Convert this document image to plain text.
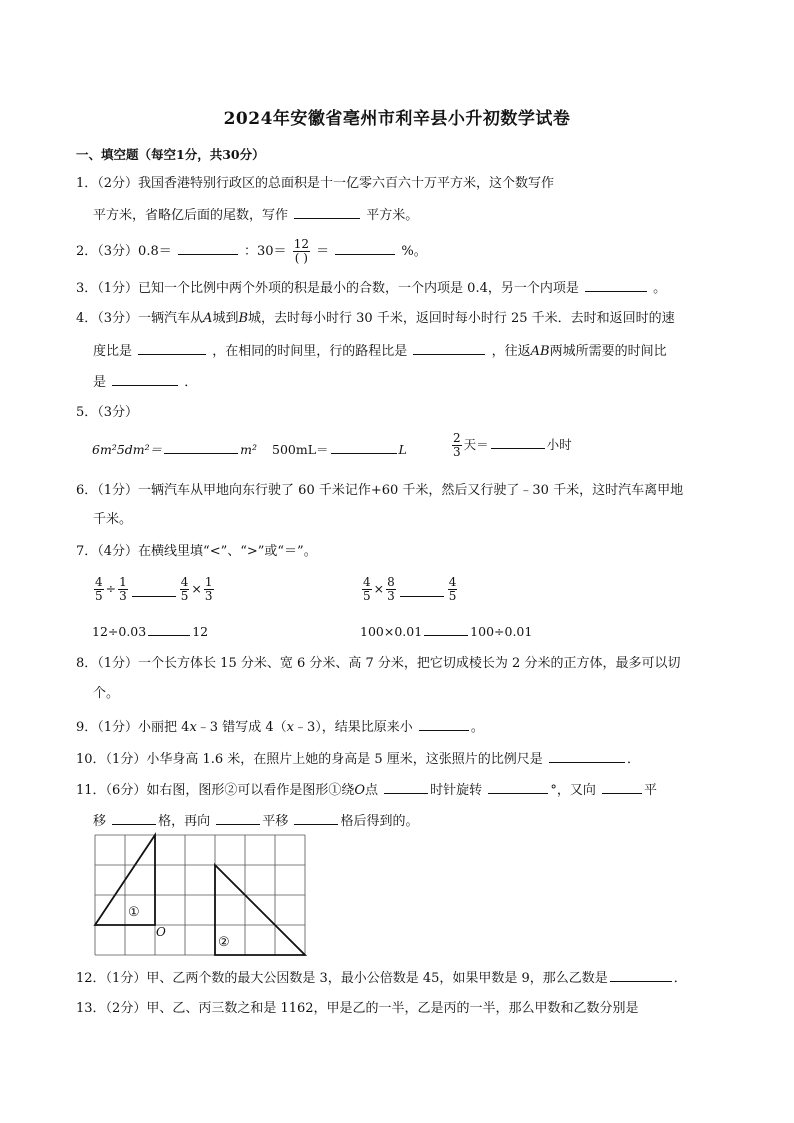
2024年安徽省亳州市利辛县小升初数学试卷
一、填空题（每空1分，共30分）
1．（2分）我国香港特别行政区的总面积是十一亿零六百六十万平方米，这个数写作
平方米，省略亿后面的尾数，写作	平方米。
2．（3分）0.8＝	：$30= \frac{12}{( )}$ ＝	%。
3．（1分）已知一个比例中两个外项的积是最小的合数，一个内项是 0.4，另一个内项是	。
4．（3分）一辆汽车从A城到B城，去时每小时行 30 千米，返回时每小时行 25 千米．去时和返回时的速
度比是	，在相同的时间里，行的路程比是	，往返AB两城所需要的时间比
是	．
5．（3分）
6m²5dm²＝	m² 500mL＝	L	$\frac{2}{3}$ 天＝	小时
6．（1分）一辆汽车从甲地向东行驶了 60 千米记作+60 千米，然后又行驶了﹣30 千米，这时汽车离甲地
千米。
7．（4分）在横线里填“<”、“>”或“＝”。
$\frac{4}{5} \div \frac{1}{3}$	$\frac{4}{5} \times \frac{1}{3}$	$\frac{4}{5} \times \frac{8}{3}$	$\frac{4}{5}$
12÷0.03	12	100×0.01	100÷0.01
8．（1分）一个长方体长 15 分米、宽 6 分米、高 7 分米，把它切成棱长为 2 分米的正方体，最多可以切
个。
9．（1分）小丽把 4x﹣3 错写成 4（x﹣3），结果比原来小	。
10．（1分）小华身高 1.6 米，在照片上她的身高是 5 厘米，这张照片的比例尺是	．
11．（6分）如右图，图形②可以看作是图形①绕O点	时针旋转	°，又向	平
移	格，再向	平移	格后得到的。
①
②
O
12．（1分）甲、乙两个数的最大公因数是 3，最小公倍数是 45，如果甲数是 9，那么乙数是	．
13．（2分）甲、乙、丙三数之和是 1162，甲是乙的一半，乙是丙的一半，那么甲数和乙数分别是
